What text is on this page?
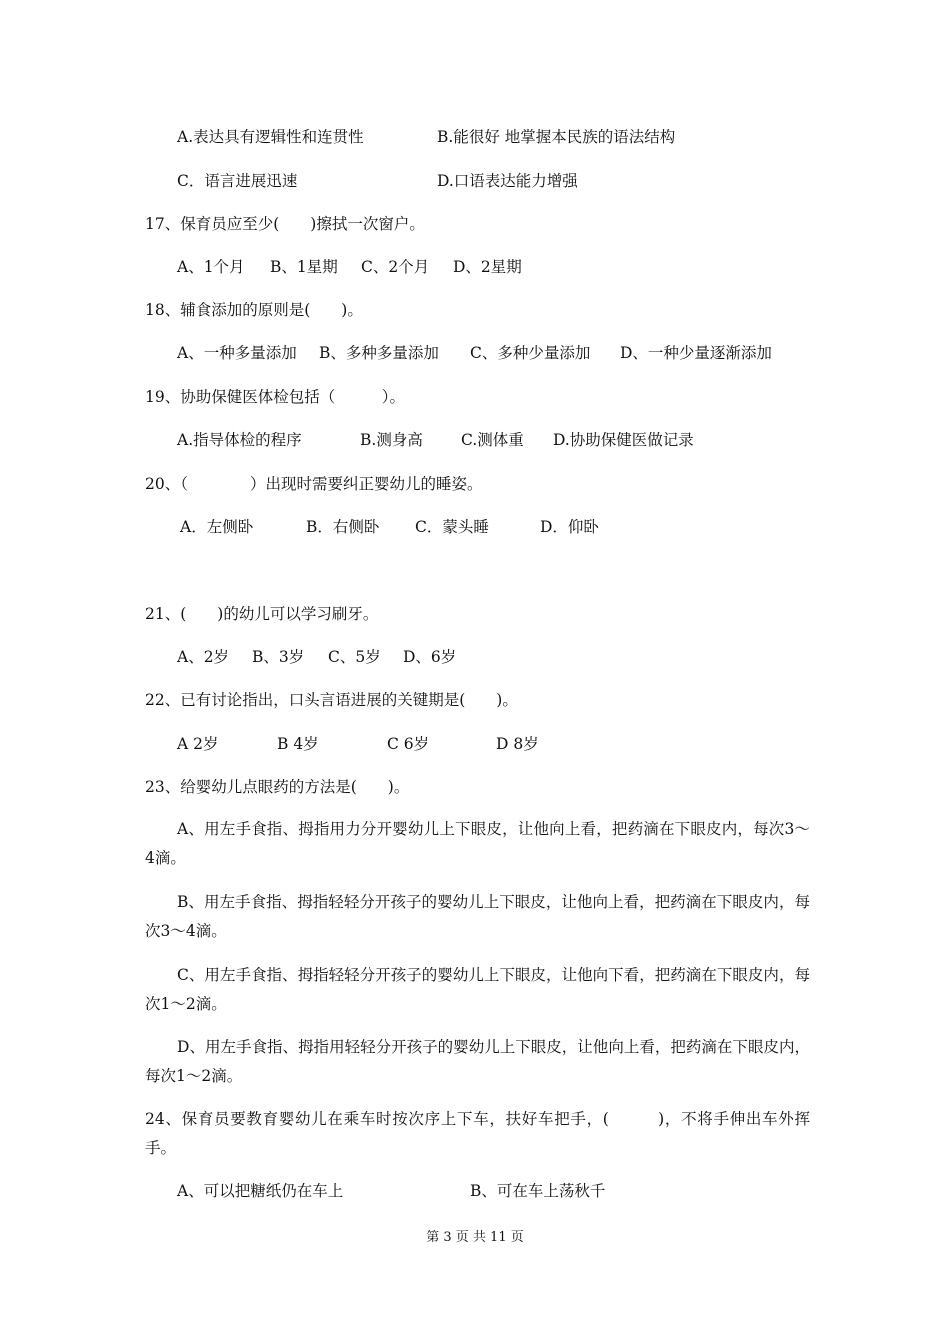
A.表达具有逻辑性和连贯性	B.能很好 地掌握本民族的语法结构
C．语言进展迅速	D.口语表达能力增强
17、保育员应至少(　　)擦拭一次窗户。
A、1个月 B、1星期 C、2个月 D、2星期
18、辅食添加的原则是(　　)。
A、一种多量添加 B、多种多量添加 C、多种少量添加 D、一种少量逐渐添加
19、协助保健医体检包括（　　　）。
A.指导体检的程序	B.测身高 C.测体重 D.协助保健医做记录
20、（　　　　）出现时需要纠正婴幼儿的睡姿。
A．左侧卧	B．右侧卧 C．蒙头睡	D．仰卧
21、(　　)的幼儿可以学习刷牙。
A、2岁 B、3岁 C、5岁 D、6岁
22、已有讨论指出，口头言语进展的关键期是(　　)。
A 2岁	B 4岁	C 6岁	D 8岁
23、给婴幼儿点眼药的方法是(　　)。
A、用左手食指、拇指用力分开婴幼儿上下眼皮，让他向上看，把药滴在下眼皮内，每次3～4滴。
B、用左手食指、拇指轻轻分开孩子的婴幼儿上下眼皮，让他向上看，把药滴在下眼皮内，每次3～4滴。
C、用左手食指、拇指轻轻分开孩子的婴幼儿上下眼皮，让他向下看，把药滴在下眼皮内，每次1～2滴。
D、用左手食指、拇指用轻轻分开孩子的婴幼儿上下眼皮，让他向上看，把药滴在下眼皮内，每次1～2滴。
24、保育员要教育婴幼儿在乘车时按次序上下车，扶好车把手，(　　　)，不将手伸出车外挥手。
A、可以把糖纸仍在车上	B、可在车上荡秋千
第 3 页 共 11 页
